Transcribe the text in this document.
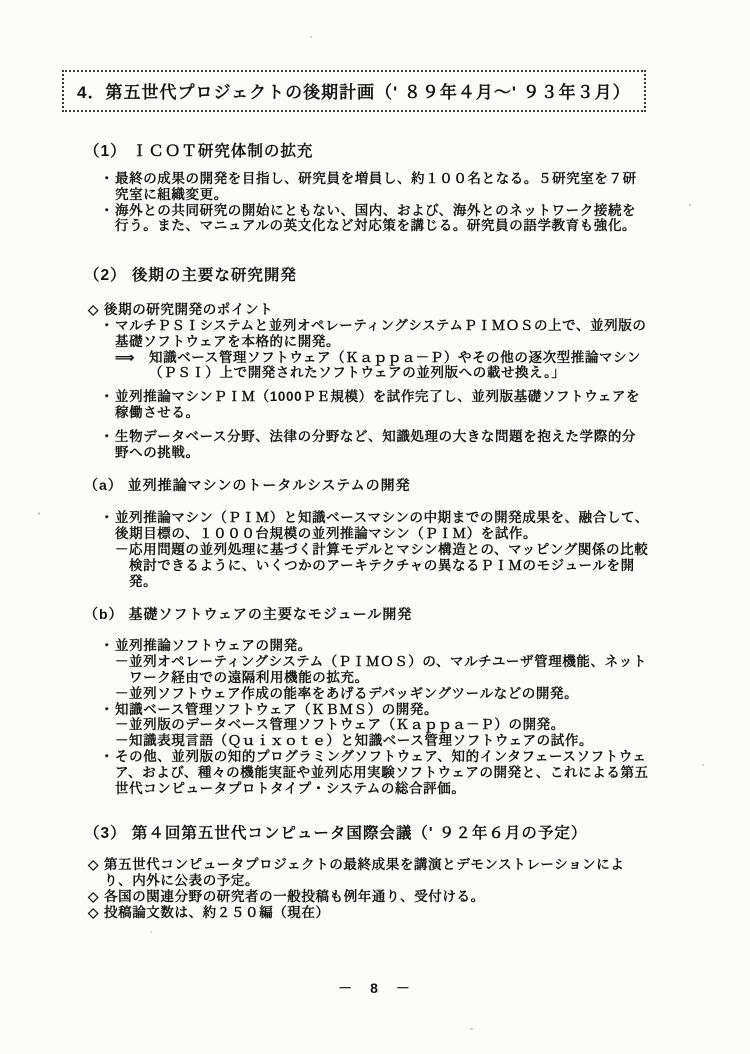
4．第五世代プロジェクトの後期計画（' ８９年４月～' ９３年３月）
（1） ＩＣＯＴ研究体制の拡充
・ 最終の成果の開発を目指し、研究員を増員し、約１００名となる。５研究室を７研究室に組織変更。
・ 海外との共同研究の開始にともない、国内、および、海外とのネットワーク接続を行う。また、マニュアルの英文化など対応策を講じる。研究員の語学教育も強化。
（2） 後期の主要な研究開発
◇ 後期の研究開発のポイント
・ マルチＰＳＩシステムと並列オペレーティングシステムＰＩＭＯＳの上で、並列版の基礎ソフトウェアを本格的に開発。
⟹ 知識ベース管理ソフトウェア（Ｋａｐｐａ－Ｐ）やその他の逐次型推論マシン（ＰＳＩ）上で開発されたソフトウェアの並列版への載せ換え。」
・ 並列推論マシンＰＩＭ（1000ＰＥ規模）を試作完了し、並列版基礎ソフトウェアを稼働させる。
・ 生物データベース分野、法律の分野など、知識処理の大きな問題を抱えた学際的分野への挑戦。
（a） 並列推論マシンのトータルシステムの開発
・ 並列推論マシン（ＰＩＭ）と知識ベースマシンの中期までの開発成果を、融合して、後期目標の、１０００台規模の並列推論マシン（ＰＩＭ）を試作。
－ 応用問題の並列処理に基づく計算モデルとマシン構造との、マッピング関係の比較検討できるように、いくつかのアーキテクチャの異なるＰＩＭのモジュールを開発。
（b） 基礎ソフトウェアの主要なモジュール開発
・ 並列推論ソフトウェアの開発。
－ 並列オペレーティングシステム（ＰＩＭＯＳ）の、マルチユーザ管理機能、ネットワーク経由での遠隔利用機能の拡充。
－ 並列ソフトウェア作成の能率をあげるデバッギングツールなどの開発。
・ 知識ベース管理ソフトウェア（ＫＢＭＳ）の開発。
－ 並列版のデータベース管理ソフトウェア（Ｋａｐｐａ－Ｐ）の開発。
－ 知識表現言語（Ｑｕｉｘｏｔｅ）と知識ベース管理ソフトウェアの試作。
・ その他、並列版の知的プログラミングソフトウェア、知的インタフェースソフトウェア、および、種々の機能実証や並列応用実験ソフトウェアの開発と、これによる第五世代コンピュータプロトタイプ・システムの総合評価。
（3） 第４回第五世代コンピュータ国際会議（' ９２年６月の予定）
◇ 第五世代コンピュータプロジェクトの最終成果を講演とデモンストレーションにより、内外に公表の予定。
◇ 各国の関連分野の研究者の一般投稿も例年通り、受付ける。
◇ 投稿論文数は、約２５０編（現在）
－　8　－
